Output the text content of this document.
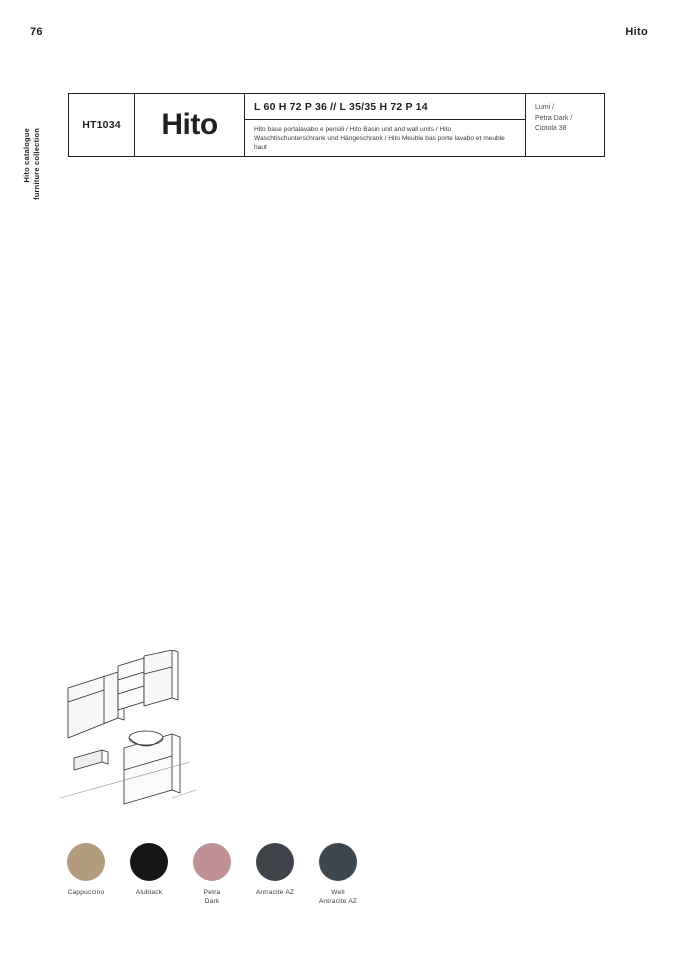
76	Hito
Hito catalogue furniture collection
HT1034 Hito
L 60 H 72 P 36 // L 35/35 H 72 P 14
Hito base portalavabo e pensili / Hito Basin unit and wall units / Hito Waschtischunterschrank und Hängeschrank / Hito Meuble bas porte lavabo et meuble haut
Lumi /
Petra Dark /
Ciotola 38
Cappuccino	Alublack	Petra
Dark
Antracite AZ	Well
Antracite AZ
